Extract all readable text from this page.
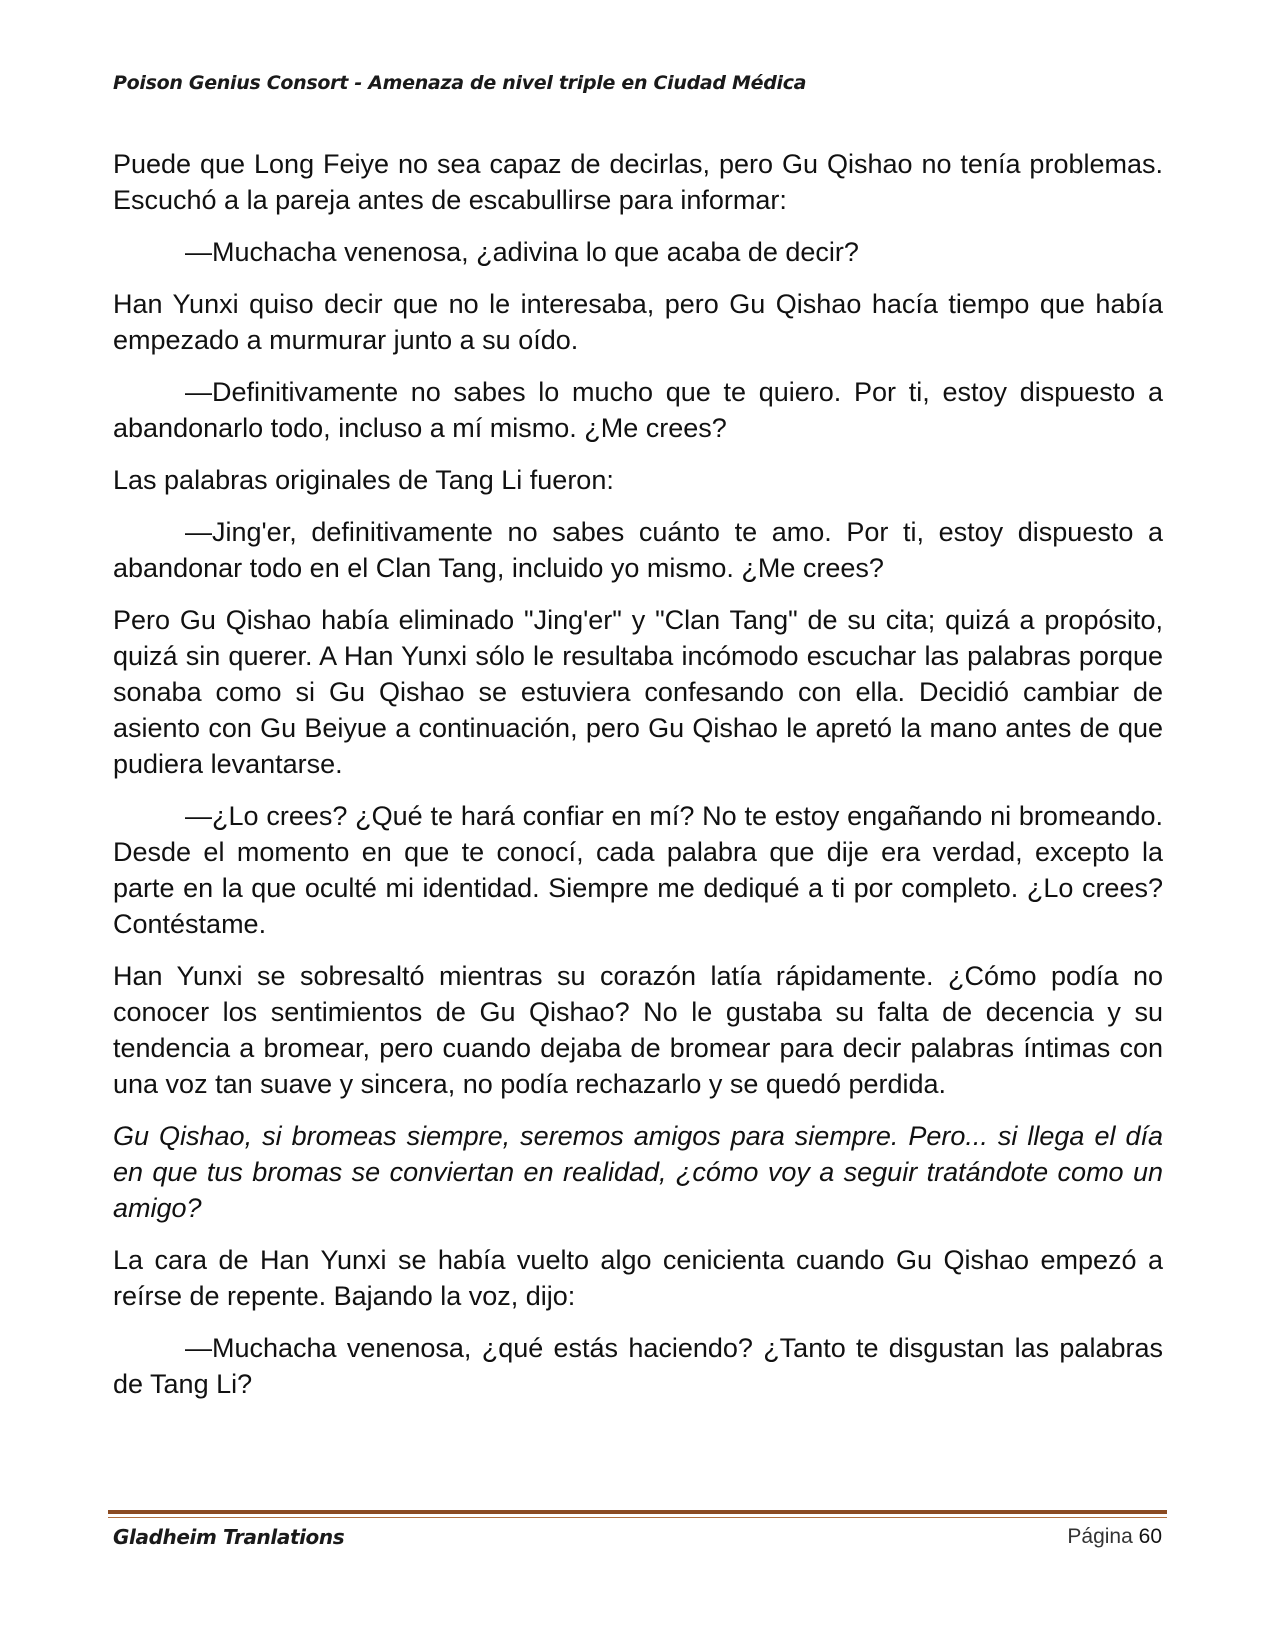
Poison Genius Consort - Amenaza de nivel triple en Ciudad Médica

Puede que Long Feiye no sea capaz de decirlas, pero Gu Qishao no tenía problemas. Escuchó a la pareja antes de escabullirse para informar:

—Muchacha venenosa, ¿adivina lo que acaba de decir?

Han Yunxi quiso decir que no le interesaba, pero Gu Qishao hacía tiempo que había empezado a murmurar junto a su oído.

—Definitivamente no sabes lo mucho que te quiero. Por ti, estoy dispuesto a abandonarlo todo, incluso a mí mismo. ¿Me crees?

Las palabras originales de Tang Li fueron:

—Jing'er, definitivamente no sabes cuánto te amo. Por ti, estoy dispuesto a abandonar todo en el Clan Tang, incluido yo mismo. ¿Me crees?

Pero Gu Qishao había eliminado "Jing'er" y "Clan Tang" de su cita; quizá a propósito, quizá sin querer. A Han Yunxi sólo le resultaba incómodo escuchar las palabras porque sonaba como si Gu Qishao se estuviera confesando con ella. Decidió cambiar de asiento con Gu Beiyue a continuación, pero Gu Qishao le apretó la mano antes de que pudiera levantarse.

—¿Lo crees? ¿Qué te hará confiar en mí? No te estoy engañando ni bromeando. Desde el momento en que te conocí, cada palabra que dije era verdad, excepto la parte en la que oculté mi identidad. Siempre me dediqué a ti por completo. ¿Lo crees? Contéstame.

Han Yunxi se sobresaltó mientras su corazón latía rápidamente. ¿Cómo podía no conocer los sentimientos de Gu Qishao? No le gustaba su falta de decencia y su tendencia a bromear, pero cuando dejaba de bromear para decir palabras íntimas con una voz tan suave y sincera, no podía rechazarlo y se quedó perdida.

Gu Qishao, si bromeas siempre, seremos amigos para siempre. Pero... si llega el día en que tus bromas se conviertan en realidad, ¿cómo voy a seguir tratándote como un amigo?

La cara de Han Yunxi se había vuelto algo cenicienta cuando Gu Qishao empezó a reírse de repente. Bajando la voz, dijo:

—Muchacha venenosa, ¿qué estás haciendo? ¿Tanto te disgustan las palabras de Tang Li?

Gladheim Tranlations	Página 60
